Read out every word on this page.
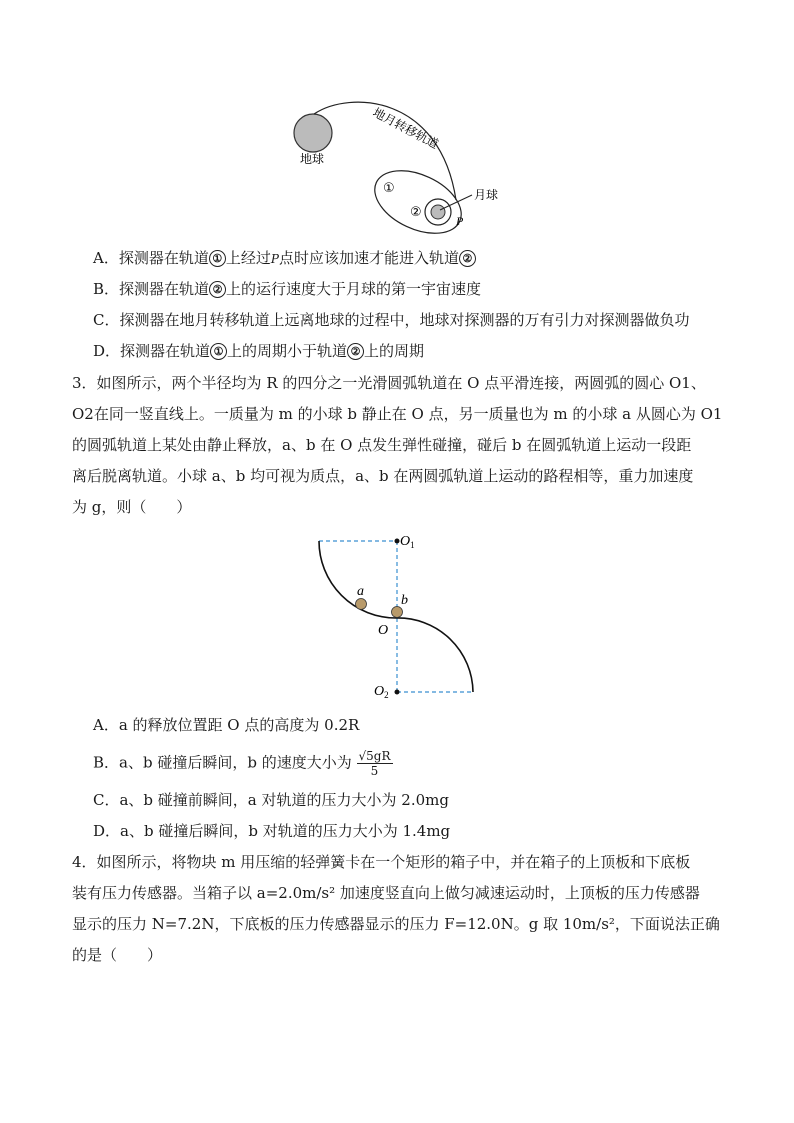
地球
地月转移轨道
月球
①
②
P
A．探测器在轨道 ① 上经过P点时应该加速才能进入轨道 ②
B．探测器在轨道 ② 上的运行速度大于月球的第一宇宙速度
C．探测器在地月转移轨道上远离地球的过程中，地球对探测器的万有引力对探测器做负功
D．探测器在轨道 ① 上的周期小于轨道 ② 上的周期
3．如图所示，两个半径均为 R 的四分之一光滑圆弧轨道在 O 点平滑连接，两圆弧的圆心 O1、
O2在同一竖直线上。一质量为 m 的小球 b 静止在 O 点，另一质量也为 m 的小球 a 从圆心为 O1
的圆弧轨道上某处由静止释放，a、b 在 O 点发生弹性碰撞，碰后 b 在圆弧轨道上运动一段距
离后脱离轨道。小球 a、b 均可视为质点，a、b 在两圆弧轨道上运动的路程相等，重力加速度
为 g，则（　　）
$O_1$
$O_2$
O
a
b
A．a 的释放位置距 O 点的高度为 0.2R
B．a、b 碰撞后瞬间，b 的速度大小为 $\frac{√5gR}{5}$
C．a、b 碰撞前瞬间，a 对轨道的压力大小为 2.0mg
D．a、b 碰撞后瞬间，b 对轨道的压力大小为 1.4mg
4．如图所示，将物块 m 用压缩的轻弹簧卡在一个矩形的箱子中，并在箱子的上顶板和下底板
装有压力传感器。当箱子以 a=2.0m/s² 加速度竖直向上做匀减速运动时，上顶板的压力传感器
显示的压力 N=7.2N，下底板的压力传感器显示的压力 F=12.0N。g 取 10m/s²，下面说法正确
的是（　　）
